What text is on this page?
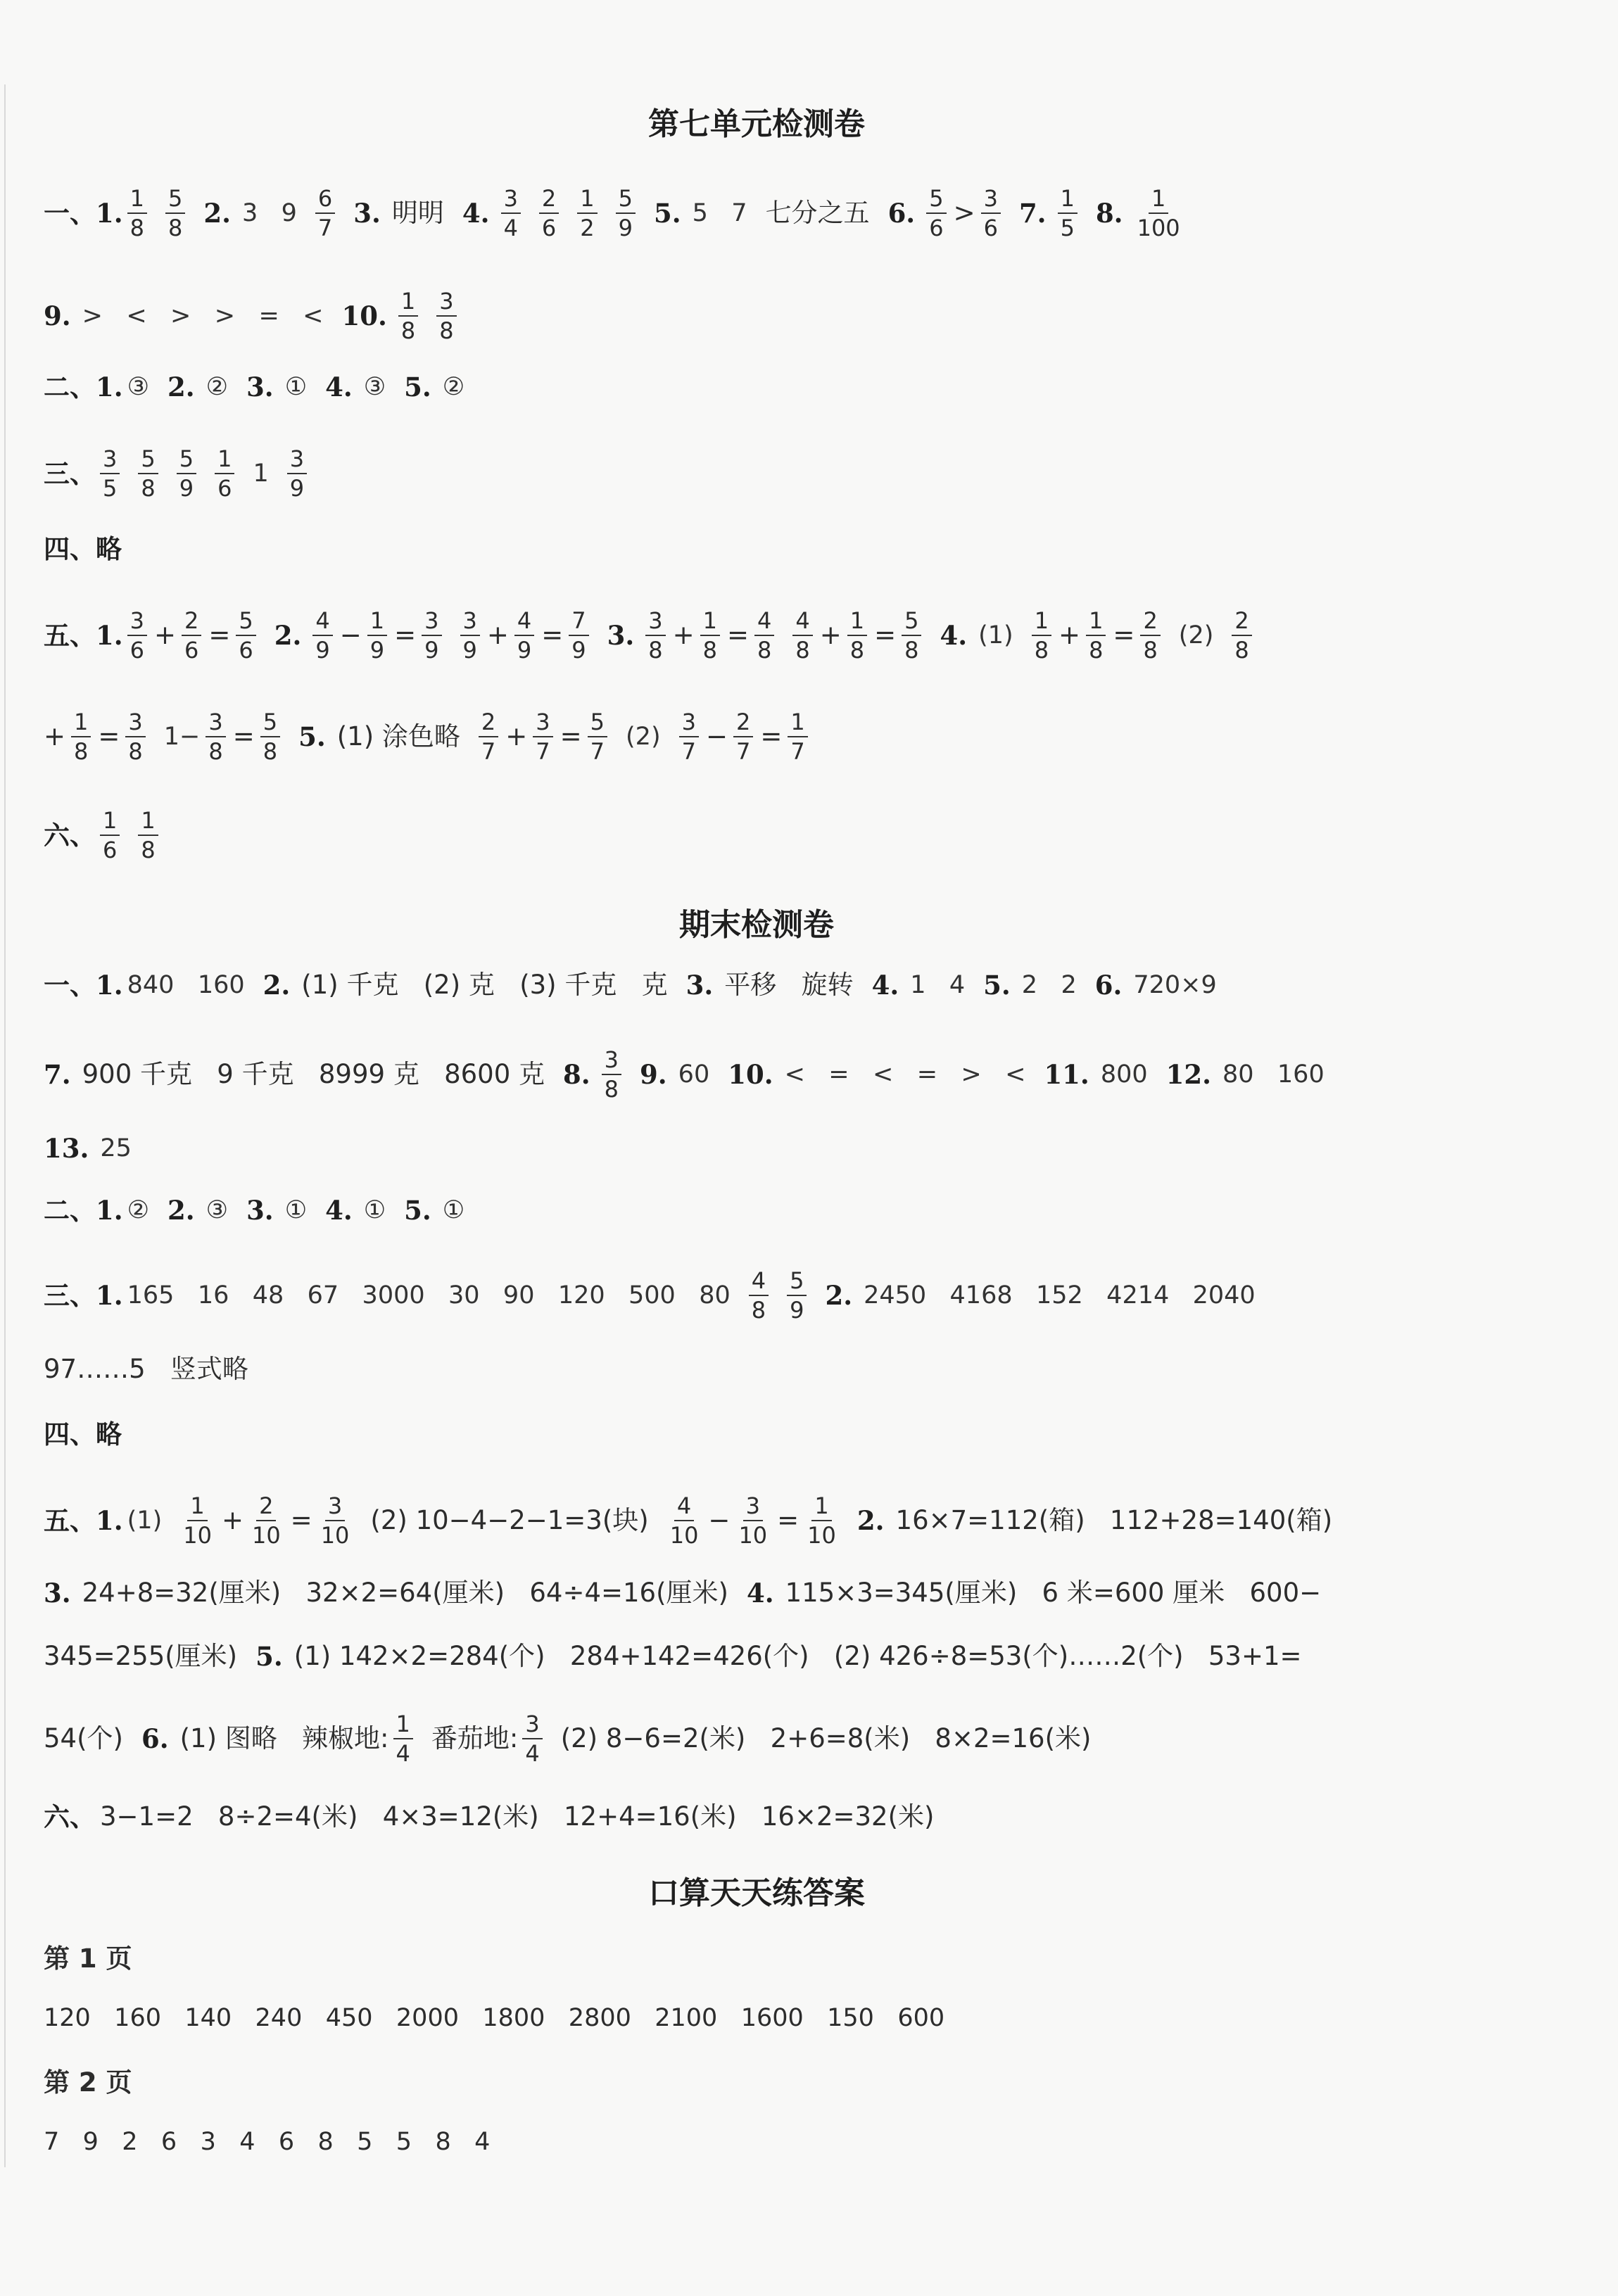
第七单元检测卷
一、1. $\frac{1}{8} \frac{5}{8} 2$. 3   $9 \frac{6}{7} 3$. 明明 4. $\frac{3}{4} \frac{2}{6} \frac{1}{2} \frac{5}{9} 5$. 5   7 七分之五 6. $\frac{5}{6} > \frac{3}{6} 7$. $\frac{1}{5} 8$. $\frac{1}{100}$
9. >   <   >   >   =   < 10. $\frac{1}{8} \frac{3}{8}$
二、1. ③ 2. ② 3. ① 4. ③ 5. ②
三、 $\frac{3}{5} \frac{5}{8} \frac{5}{9} \frac{1}{6} 1 \frac{3}{9}$
四、略
五、1. $\frac{3}{6} + \frac{2}{6} = \frac{5}{6} 2$. $\frac{4}{9} - \frac{1}{9} = \frac{3}{9} \frac{3}{9} + \frac{4}{9} = \frac{7}{9} 3$. $\frac{3}{8} + \frac{1}{8} = \frac{4}{8} \frac{4}{8} + \frac{1}{8} = \frac{5}{8} 4$. $(1) \frac{1}{8} + \frac{1}{8} = \frac{2}{8} (2) \frac{2}{8}$
+ $\frac{1}{8} = \frac{3}{8} 1- \frac{3}{8} = \frac{5}{8} 5$. (1) 涂色略 $\frac{2}{7} + \frac{3}{7} = \frac{5}{7} (2) \frac{3}{7} - \frac{2}{7} = \frac{1}{7}$
六、 $\frac{1}{6} \frac{1}{8}$
期末检测卷
一、1. 840   160 2. (1) 千克   (2) 克   (3) 千克   克 3. 平移   旋转 4. 1   4 5. 2   2 6. 720×9
7. 900 千克   9 千克   8999 克   8600 克 8. $\frac{3}{8} 9$. 60 10. <   =   <   =   >   < 11. 800 12. 80   160
13. 25
二、1. ② 2. ③ 3. ① 4. ① 5. ①
三、1. 165   16   48   67   3000   30   90   120   500   $80 \frac{4}{8} \frac{5}{9} 2$. 2450   4168   152   4214   2040
97……5   竖式略
四、略
五、1. $(1) \frac{1}{10} + \frac{2}{10} = \frac{3}{10} (2)$ 10−4−2−1=3(块) $\frac{4}{10} - \frac{3}{10} = \frac{1}{10} 2$. 16×7=112(箱)   112+28=140(箱)
3. 24+8=32(厘米)   32×2=64(厘米)   64÷4=16(厘米) 4. 115×3=345(厘米)   6 米=600 厘米   600−
345=255(厘米) 5. (1) 142×2=284(个)   284+142=426(个)   (2) 426÷8=53(个)……2(个)   53+1=
54(个) 6. (1) 图略   辣椒地: $\frac{1}{4}$ 番茄地: $\frac{3}{4} (2)$ 8−6=2(米)   2+6=8(米)   8×2=16(米)
六、 3−1=2   8÷2=4(米)   4×3=12(米)   12+4=16(米)   16×2=32(米)
口算天天练答案
第 1 页
120   160   140   240   450   2000   1800   2800   2100   1600   150   600
第 2 页
7   9   2   6   3   4   6   8   5   5   8   4
